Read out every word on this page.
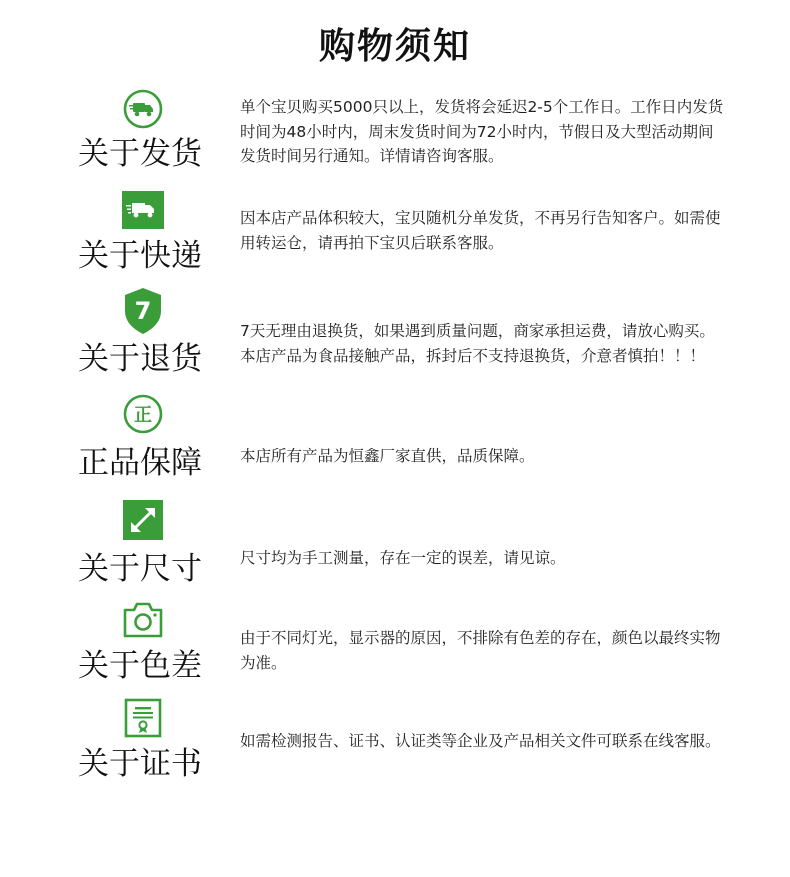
购物须知
关于发货
单个宝贝购买5000只以上，发货将会延迟2-5个工作日。工作日内发货时间为48小时内，周末发货时间为72小时内，节假日及大型活动期间发货时间另行通知。详情请咨询客服。
关于快递
因本店产品体积较大，宝贝随机分单发货，不再另行告知客户。如需使用转运仓，请再拍下宝贝后联系客服。
7
关于退货
7天无理由退换货，如果遇到质量问题，商家承担运费，请放心购买。本店产品为食品接触产品，拆封后不支持退换货，介意者慎拍！！！
正
正品保障	本店所有产品为恒鑫厂家直供，品质保障。
关于尺寸	尺寸均为手工测量，存在一定的误差，请见谅。
关于色差
由于不同灯光，显示器的原因，不排除有色差的存在，颜色以最终实物为准。
关于证书
如需检测报告、证书、认证类等企业及产品相关文件可联系在线客服。
